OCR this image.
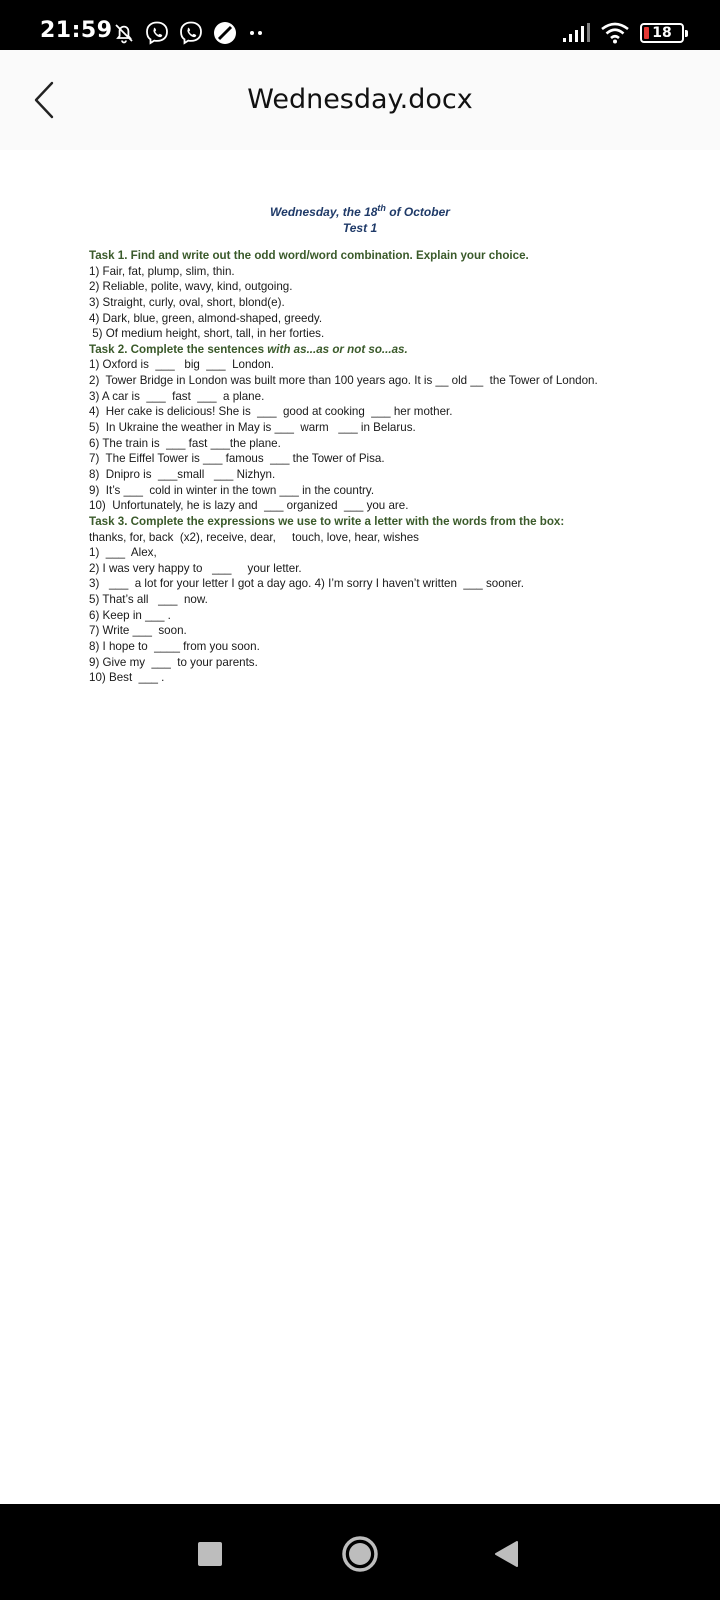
21:59	18
Wednesday.docx
Wednesday, the 18th of October
Test 1
Task 1. Find and write out the odd word/word combination. Explain your choice.
1) Fair, fat, plump, slim, thin.
2) Reliable, polite, wavy, kind, outgoing.
3) Straight, curly, oval, short, blond(e).
4) Dark, blue, green, almond-shaped, greedy.
5) Of medium height, short, tall, in her forties.
Task 2. Complete the sentences with as...as or not so...as.
1) Oxford is  ___   big  ___  London.
2)  Tower Bridge in London was built more than 100 years ago. It is __ old __  the Tower of London.
3) A car is  ___  fast  ___  a plane.
4)  Her cake is delicious! She is  ___  good at cooking  ___ her mother.
5)  In Ukraine the weather in May is ___  warm   ___ in Belarus.
6) The train is  ___ fast ___the plane.
7)  The Eiffel Tower is ___ famous  ___ the Tower of Pisa.
8)  Dnipro is  ___small   ___ Nizhyn.
9)  It’s ___  cold in winter in the town ___ in the country.
10)  Unfortunately, he is lazy and  ___ organized  ___ you are.
Task 3. Complete the expressions we use to write a letter with the words from the box:
thanks, for, back  (x2), receive, dear,     touch, love, hear, wishes
1)  ___  Alex,
2) I was very happy to   ___     your letter.
3)   ___  a lot for your letter I got a day ago. 4) I’m sorry I haven’t written  ___ sooner.
5) That’s all   ___  now.
6) Keep in ___ .
7) Write ___  soon.
8) I hope to  ____ from you soon.
9) Give my  ___  to your parents.
10) Best  ___ .
